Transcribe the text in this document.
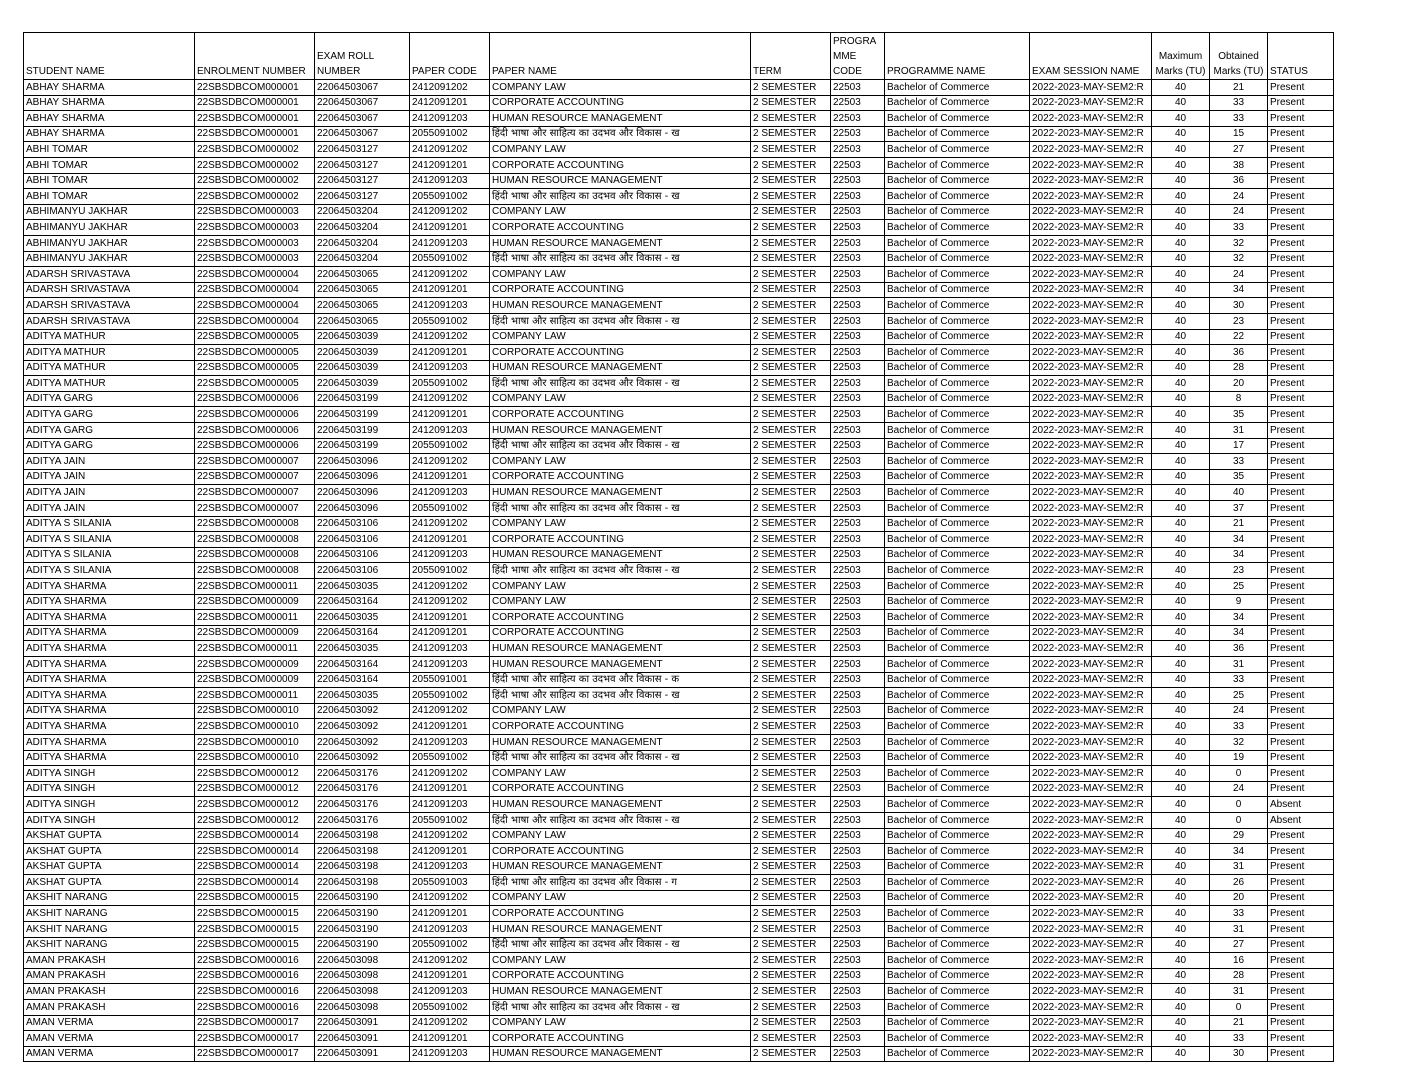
STUDENT NAME	ENROLMENT NUMBER	EXAM ROLL NUMBER	PAPER CODE	PAPER NAME	TERM	PROGRA MME CODE	PROGRAMME NAME	EXAM SESSION NAME	Maximum Marks (TU)	Obtained Marks (TU)	STATUS
ABHAY SHARMA	22SBSDBCOM000001	22064503067	2412091202	COMPANY LAW	2 SEMESTER	22503	Bachelor of Commerce	2022-2023-MAY-SEM2:R	40	21	Present
ABHAY SHARMA	22SBSDBCOM000001	22064503067	2412091201	CORPORATE ACCOUNTING	2 SEMESTER	22503	Bachelor of Commerce	2022-2023-MAY-SEM2:R	40	33	Present
ABHAY SHARMA	22SBSDBCOM000001	22064503067	2412091203	HUMAN RESOURCE MANAGEMENT	2 SEMESTER	22503	Bachelor of Commerce	2022-2023-MAY-SEM2:R	40	33	Present
ABHAY SHARMA	22SBSDBCOM000001	22064503067	2055091002	हिंदी भाषा और साहित्य का उदभव और विकास - ख	2 SEMESTER	22503	Bachelor of Commerce	2022-2023-MAY-SEM2:R	40	15	Present
ABHI TOMAR	22SBSDBCOM000002	22064503127	2412091202	COMPANY LAW	2 SEMESTER	22503	Bachelor of Commerce	2022-2023-MAY-SEM2:R	40	27	Present
ABHI TOMAR	22SBSDBCOM000002	22064503127	2412091201	CORPORATE ACCOUNTING	2 SEMESTER	22503	Bachelor of Commerce	2022-2023-MAY-SEM2:R	40	38	Present
ABHI TOMAR	22SBSDBCOM000002	22064503127	2412091203	HUMAN RESOURCE MANAGEMENT	2 SEMESTER	22503	Bachelor of Commerce	2022-2023-MAY-SEM2:R	40	36	Present
ABHI TOMAR	22SBSDBCOM000002	22064503127	2055091002	हिंदी भाषा और साहित्य का उदभव और विकास - ख	2 SEMESTER	22503	Bachelor of Commerce	2022-2023-MAY-SEM2:R	40	24	Present
ABHIMANYU JAKHAR	22SBSDBCOM000003	22064503204	2412091202	COMPANY LAW	2 SEMESTER	22503	Bachelor of Commerce	2022-2023-MAY-SEM2:R	40	24	Present
ABHIMANYU JAKHAR	22SBSDBCOM000003	22064503204	2412091201	CORPORATE ACCOUNTING	2 SEMESTER	22503	Bachelor of Commerce	2022-2023-MAY-SEM2:R	40	33	Present
ABHIMANYU JAKHAR	22SBSDBCOM000003	22064503204	2412091203	HUMAN RESOURCE MANAGEMENT	2 SEMESTER	22503	Bachelor of Commerce	2022-2023-MAY-SEM2:R	40	32	Present
ABHIMANYU JAKHAR	22SBSDBCOM000003	22064503204	2055091002	हिंदी भाषा और साहित्य का उदभव और विकास - ख	2 SEMESTER	22503	Bachelor of Commerce	2022-2023-MAY-SEM2:R	40	32	Present
ADARSH SRIVASTAVA	22SBSDBCOM000004	22064503065	2412091202	COMPANY LAW	2 SEMESTER	22503	Bachelor of Commerce	2022-2023-MAY-SEM2:R	40	24	Present
ADARSH SRIVASTAVA	22SBSDBCOM000004	22064503065	2412091201	CORPORATE ACCOUNTING	2 SEMESTER	22503	Bachelor of Commerce	2022-2023-MAY-SEM2:R	40	34	Present
ADARSH SRIVASTAVA	22SBSDBCOM000004	22064503065	2412091203	HUMAN RESOURCE MANAGEMENT	2 SEMESTER	22503	Bachelor of Commerce	2022-2023-MAY-SEM2:R	40	30	Present
ADARSH SRIVASTAVA	22SBSDBCOM000004	22064503065	2055091002	हिंदी भाषा और साहित्य का उदभव और विकास - ख	2 SEMESTER	22503	Bachelor of Commerce	2022-2023-MAY-SEM2:R	40	23	Present
ADITYA MATHUR	22SBSDBCOM000005	22064503039	2412091202	COMPANY LAW	2 SEMESTER	22503	Bachelor of Commerce	2022-2023-MAY-SEM2:R	40	22	Present
ADITYA MATHUR	22SBSDBCOM000005	22064503039	2412091201	CORPORATE ACCOUNTING	2 SEMESTER	22503	Bachelor of Commerce	2022-2023-MAY-SEM2:R	40	36	Present
ADITYA MATHUR	22SBSDBCOM000005	22064503039	2412091203	HUMAN RESOURCE MANAGEMENT	2 SEMESTER	22503	Bachelor of Commerce	2022-2023-MAY-SEM2:R	40	28	Present
ADITYA MATHUR	22SBSDBCOM000005	22064503039	2055091002	हिंदी भाषा और साहित्य का उदभव और विकास - ख	2 SEMESTER	22503	Bachelor of Commerce	2022-2023-MAY-SEM2:R	40	20	Present
ADITYA GARG	22SBSDBCOM000006	22064503199	2412091202	COMPANY LAW	2 SEMESTER	22503	Bachelor of Commerce	2022-2023-MAY-SEM2:R	40	8	Present
ADITYA GARG	22SBSDBCOM000006	22064503199	2412091201	CORPORATE ACCOUNTING	2 SEMESTER	22503	Bachelor of Commerce	2022-2023-MAY-SEM2:R	40	35	Present
ADITYA GARG	22SBSDBCOM000006	22064503199	2412091203	HUMAN RESOURCE MANAGEMENT	2 SEMESTER	22503	Bachelor of Commerce	2022-2023-MAY-SEM2:R	40	31	Present
ADITYA GARG	22SBSDBCOM000006	22064503199	2055091002	हिंदी भाषा और साहित्य का उदभव और विकास - ख	2 SEMESTER	22503	Bachelor of Commerce	2022-2023-MAY-SEM2:R	40	17	Present
ADITYA JAIN	22SBSDBCOM000007	22064503096	2412091202	COMPANY LAW	2 SEMESTER	22503	Bachelor of Commerce	2022-2023-MAY-SEM2:R	40	33	Present
ADITYA JAIN	22SBSDBCOM000007	22064503096	2412091201	CORPORATE ACCOUNTING	2 SEMESTER	22503	Bachelor of Commerce	2022-2023-MAY-SEM2:R	40	35	Present
ADITYA JAIN	22SBSDBCOM000007	22064503096	2412091203	HUMAN RESOURCE MANAGEMENT	2 SEMESTER	22503	Bachelor of Commerce	2022-2023-MAY-SEM2:R	40	40	Present
ADITYA JAIN	22SBSDBCOM000007	22064503096	2055091002	हिंदी भाषा और साहित्य का उदभव और विकास - ख	2 SEMESTER	22503	Bachelor of Commerce	2022-2023-MAY-SEM2:R	40	37	Present
ADITYA S SILANIA	22SBSDBCOM000008	22064503106	2412091202	COMPANY LAW	2 SEMESTER	22503	Bachelor of Commerce	2022-2023-MAY-SEM2:R	40	21	Present
ADITYA S SILANIA	22SBSDBCOM000008	22064503106	2412091201	CORPORATE ACCOUNTING	2 SEMESTER	22503	Bachelor of Commerce	2022-2023-MAY-SEM2:R	40	34	Present
ADITYA S SILANIA	22SBSDBCOM000008	22064503106	2412091203	HUMAN RESOURCE MANAGEMENT	2 SEMESTER	22503	Bachelor of Commerce	2022-2023-MAY-SEM2:R	40	34	Present
ADITYA S SILANIA	22SBSDBCOM000008	22064503106	2055091002	हिंदी भाषा और साहित्य का उदभव और विकास - ख	2 SEMESTER	22503	Bachelor of Commerce	2022-2023-MAY-SEM2:R	40	23	Present
ADITYA SHARMA	22SBSDBCOM000011	22064503035	2412091202	COMPANY LAW	2 SEMESTER	22503	Bachelor of Commerce	2022-2023-MAY-SEM2:R	40	25	Present
ADITYA SHARMA	22SBSDBCOM000009	22064503164	2412091202	COMPANY LAW	2 SEMESTER	22503	Bachelor of Commerce	2022-2023-MAY-SEM2:R	40	9	Present
ADITYA SHARMA	22SBSDBCOM000011	22064503035	2412091201	CORPORATE ACCOUNTING	2 SEMESTER	22503	Bachelor of Commerce	2022-2023-MAY-SEM2:R	40	34	Present
ADITYA SHARMA	22SBSDBCOM000009	22064503164	2412091201	CORPORATE ACCOUNTING	2 SEMESTER	22503	Bachelor of Commerce	2022-2023-MAY-SEM2:R	40	34	Present
ADITYA SHARMA	22SBSDBCOM000011	22064503035	2412091203	HUMAN RESOURCE MANAGEMENT	2 SEMESTER	22503	Bachelor of Commerce	2022-2023-MAY-SEM2:R	40	36	Present
ADITYA SHARMA	22SBSDBCOM000009	22064503164	2412091203	HUMAN RESOURCE MANAGEMENT	2 SEMESTER	22503	Bachelor of Commerce	2022-2023-MAY-SEM2:R	40	31	Present
ADITYA SHARMA	22SBSDBCOM000009	22064503164	2055091001	हिंदी भाषा और साहित्य का उदभव और विकास - क	2 SEMESTER	22503	Bachelor of Commerce	2022-2023-MAY-SEM2:R	40	33	Present
ADITYA SHARMA	22SBSDBCOM000011	22064503035	2055091002	हिंदी भाषा और साहित्य का उदभव और विकास - ख	2 SEMESTER	22503	Bachelor of Commerce	2022-2023-MAY-SEM2:R	40	25	Present
ADITYA SHARMA	22SBSDBCOM000010	22064503092	2412091202	COMPANY LAW	2 SEMESTER	22503	Bachelor of Commerce	2022-2023-MAY-SEM2:R	40	24	Present
ADITYA SHARMA	22SBSDBCOM000010	22064503092	2412091201	CORPORATE ACCOUNTING	2 SEMESTER	22503	Bachelor of Commerce	2022-2023-MAY-SEM2:R	40	33	Present
ADITYA SHARMA	22SBSDBCOM000010	22064503092	2412091203	HUMAN RESOURCE MANAGEMENT	2 SEMESTER	22503	Bachelor of Commerce	2022-2023-MAY-SEM2:R	40	32	Present
ADITYA SHARMA	22SBSDBCOM000010	22064503092	2055091002	हिंदी भाषा और साहित्य का उदभव और विकास - ख	2 SEMESTER	22503	Bachelor of Commerce	2022-2023-MAY-SEM2:R	40	19	Present
ADITYA SINGH	22SBSDBCOM000012	22064503176	2412091202	COMPANY LAW	2 SEMESTER	22503	Bachelor of Commerce	2022-2023-MAY-SEM2:R	40	0	Present
ADITYA SINGH	22SBSDBCOM000012	22064503176	2412091201	CORPORATE ACCOUNTING	2 SEMESTER	22503	Bachelor of Commerce	2022-2023-MAY-SEM2:R	40	24	Present
ADITYA SINGH	22SBSDBCOM000012	22064503176	2412091203	HUMAN RESOURCE MANAGEMENT	2 SEMESTER	22503	Bachelor of Commerce	2022-2023-MAY-SEM2:R	40	0	Absent
ADITYA SINGH	22SBSDBCOM000012	22064503176	2055091002	हिंदी भाषा और साहित्य का उदभव और विकास - ख	2 SEMESTER	22503	Bachelor of Commerce	2022-2023-MAY-SEM2:R	40	0	Absent
AKSHAT GUPTA	22SBSDBCOM000014	22064503198	2412091202	COMPANY LAW	2 SEMESTER	22503	Bachelor of Commerce	2022-2023-MAY-SEM2:R	40	29	Present
AKSHAT GUPTA	22SBSDBCOM000014	22064503198	2412091201	CORPORATE ACCOUNTING	2 SEMESTER	22503	Bachelor of Commerce	2022-2023-MAY-SEM2:R	40	34	Present
AKSHAT GUPTA	22SBSDBCOM000014	22064503198	2412091203	HUMAN RESOURCE MANAGEMENT	2 SEMESTER	22503	Bachelor of Commerce	2022-2023-MAY-SEM2:R	40	31	Present
AKSHAT GUPTA	22SBSDBCOM000014	22064503198	2055091003	हिंदी भाषा और साहित्य का उदभव और विकास - ग	2 SEMESTER	22503	Bachelor of Commerce	2022-2023-MAY-SEM2:R	40	26	Present
AKSHIT NARANG	22SBSDBCOM000015	22064503190	2412091202	COMPANY LAW	2 SEMESTER	22503	Bachelor of Commerce	2022-2023-MAY-SEM2:R	40	20	Present
AKSHIT NARANG	22SBSDBCOM000015	22064503190	2412091201	CORPORATE ACCOUNTING	2 SEMESTER	22503	Bachelor of Commerce	2022-2023-MAY-SEM2:R	40	33	Present
AKSHIT NARANG	22SBSDBCOM000015	22064503190	2412091203	HUMAN RESOURCE MANAGEMENT	2 SEMESTER	22503	Bachelor of Commerce	2022-2023-MAY-SEM2:R	40	31	Present
AKSHIT NARANG	22SBSDBCOM000015	22064503190	2055091002	हिंदी भाषा और साहित्य का उदभव और विकास - ख	2 SEMESTER	22503	Bachelor of Commerce	2022-2023-MAY-SEM2:R	40	27	Present
AMAN PRAKASH	22SBSDBCOM000016	22064503098	2412091202	COMPANY LAW	2 SEMESTER	22503	Bachelor of Commerce	2022-2023-MAY-SEM2:R	40	16	Present
AMAN PRAKASH	22SBSDBCOM000016	22064503098	2412091201	CORPORATE ACCOUNTING	2 SEMESTER	22503	Bachelor of Commerce	2022-2023-MAY-SEM2:R	40	28	Present
AMAN PRAKASH	22SBSDBCOM000016	22064503098	2412091203	HUMAN RESOURCE MANAGEMENT	2 SEMESTER	22503	Bachelor of Commerce	2022-2023-MAY-SEM2:R	40	31	Present
AMAN PRAKASH	22SBSDBCOM000016	22064503098	2055091002	हिंदी भाषा और साहित्य का उदभव और विकास - ख	2 SEMESTER	22503	Bachelor of Commerce	2022-2023-MAY-SEM2:R	40	0	Present
AMAN VERMA	22SBSDBCOM000017	22064503091	2412091202	COMPANY LAW	2 SEMESTER	22503	Bachelor of Commerce	2022-2023-MAY-SEM2:R	40	21	Present
AMAN VERMA	22SBSDBCOM000017	22064503091	2412091201	CORPORATE ACCOUNTING	2 SEMESTER	22503	Bachelor of Commerce	2022-2023-MAY-SEM2:R	40	33	Present
AMAN VERMA	22SBSDBCOM000017	22064503091	2412091203	HUMAN RESOURCE MANAGEMENT	2 SEMESTER	22503	Bachelor of Commerce	2022-2023-MAY-SEM2:R	40	30	Present
